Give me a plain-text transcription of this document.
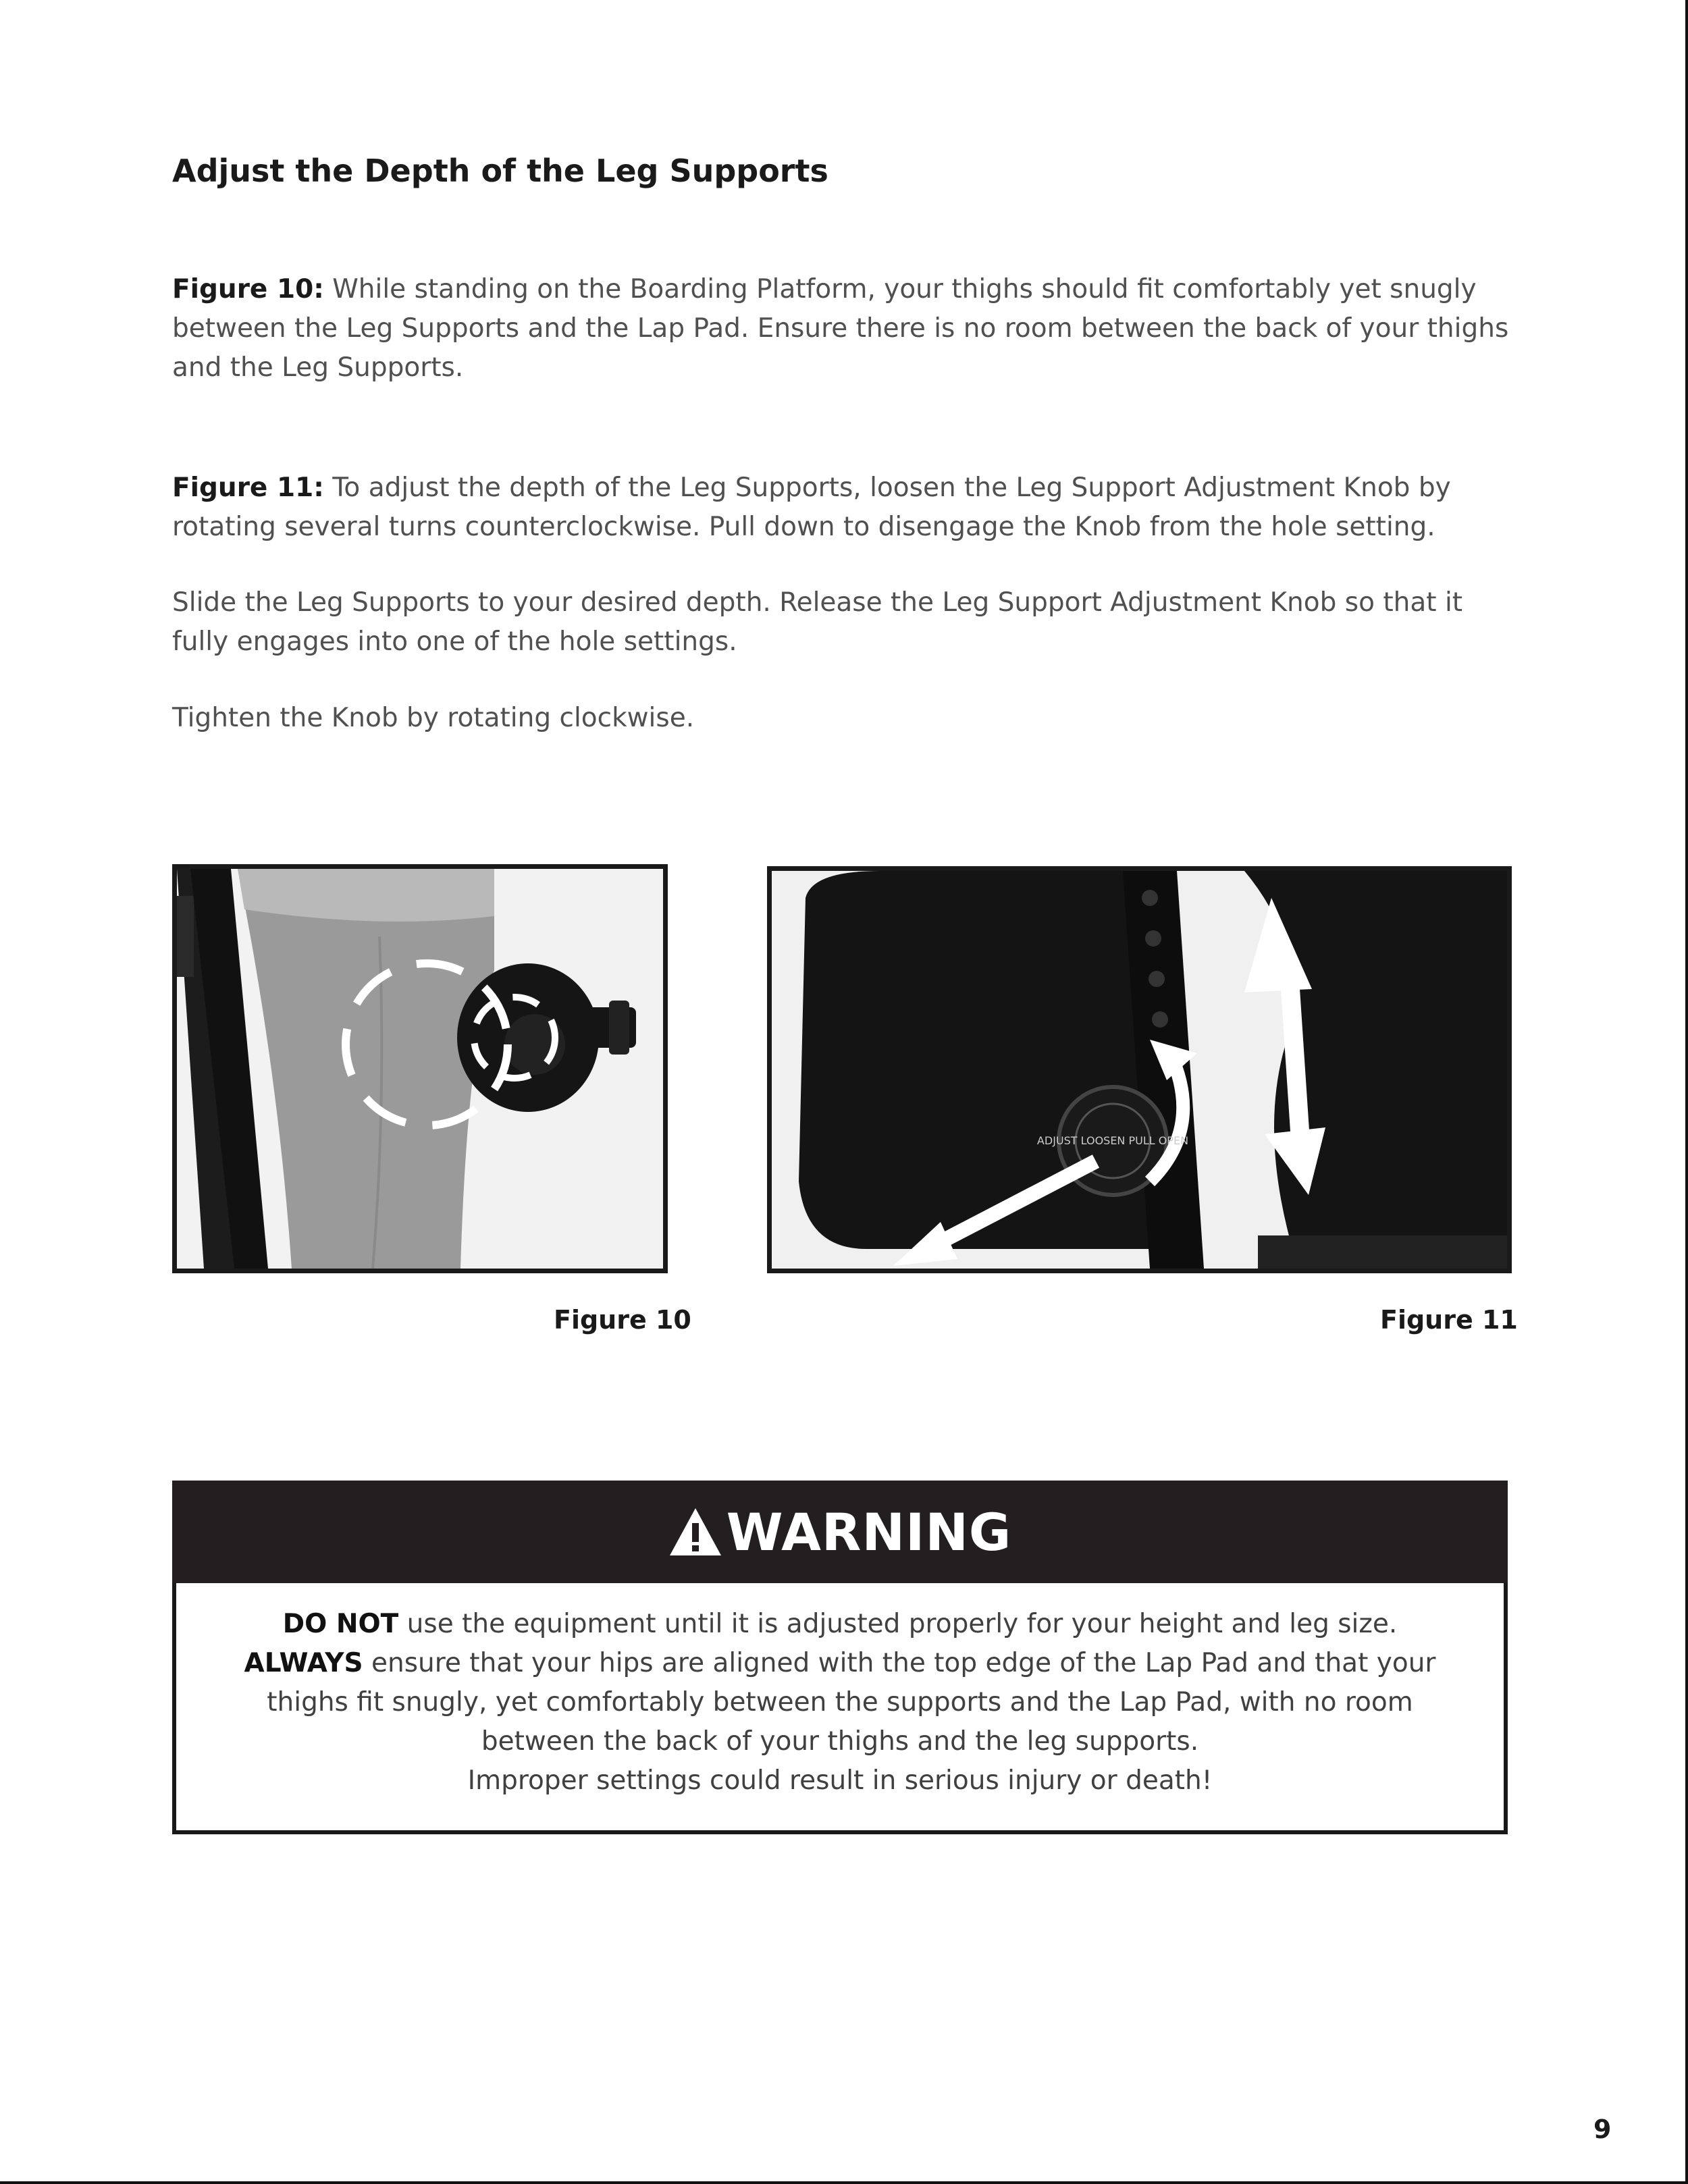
Adjust the Depth of the Leg Supports

Figure 10: While standing on the Boarding Platform, your thighs should fit comfortably yet snugly between the Leg Supports and the Lap Pad. Ensure there is no room between the back of your thighs and the Leg Supports.

Figure 11: To adjust the depth of the Leg Supports, loosen the Leg Support Adjustment Knob by rotating several turns counterclockwise. Pull down to disengage the Knob from the hole setting.

Slide the Leg Supports to your desired depth. Release the Leg Support Adjustment Knob so that it fully engages into one of the hole settings.

Tighten the Knob by rotating clockwise.

ADJUST LOOSEN PULL OPEN

Figure 10	Figure 11

WARNING
DO NOT use the equipment until it is adjusted properly for your height and leg size.
ALWAYS ensure that your hips are aligned with the top edge of the Lap Pad and that your thighs fit snugly, yet comfortably between the supports and the Lap Pad, with no room between the back of your thighs and the leg supports.
Improper settings could result in serious injury or death!

9
